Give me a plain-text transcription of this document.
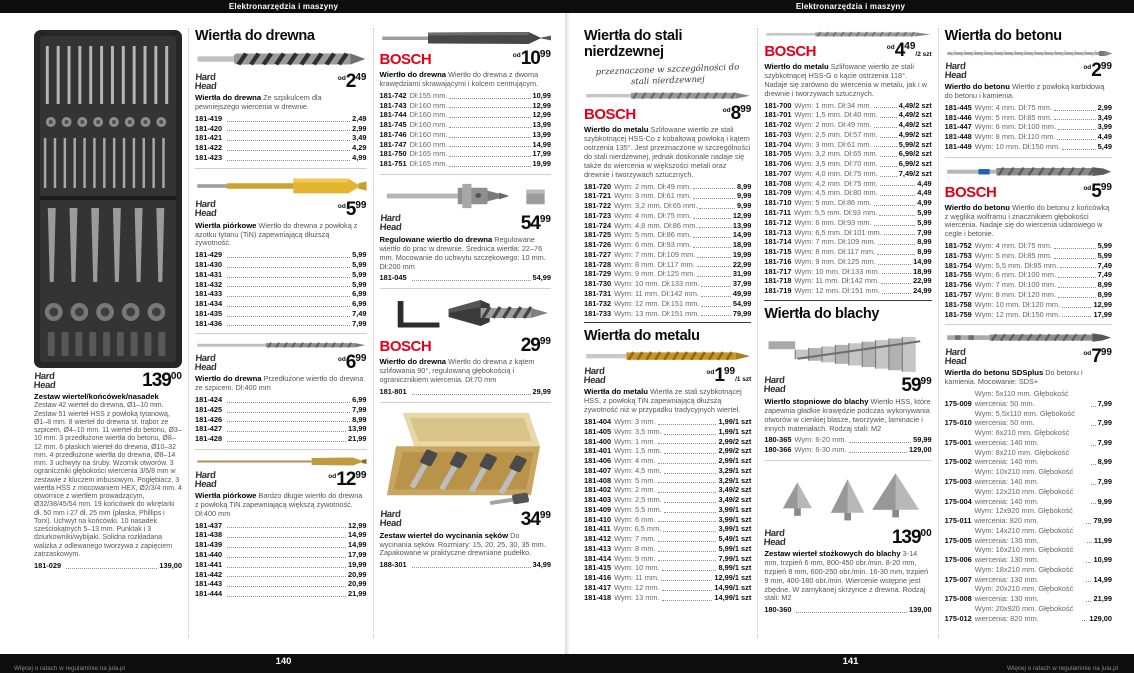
Elektronarzędzia i maszyny	Elektronarzędzia i maszyny
Hard
Head	$139^{00}$

Zestaw wierteł/końcówek/nasadek Zestaw 42 wierteł do drewna, Ø1–10 mm. Zestaw 51 wierteł HSS z powłoką tytanową, Ø1–8 mm. 8 wierteł do drewna st. trąbor ze szpicem, Ø4–10 mm. 11 wierteł do betonu, Ø3–10 mm. 3 przedłużone wiertła do betonu, Ø8–12 mm. 6 płaskich wierteł do drewna, Ø10–32 mm. 4 przedłużone wiertła do drewna, Ø8–14 mm. 3 uchwyty na śruby. Wzornik otworów. 3 ograniczniki głębokości wiercenia 3/5/8 mm w zestawie z kluczem imbusowym. Pogłębiacz. 3 wiertła HSS z mocowaniem HEX, Ø2/3/4 mm. 4 otwornice z wiertłem prowadzącym, Ø32/38/45/54 mm. 19 końcówek do wkrętarki dł. 50 mm i 27 dł. 25 mm (płaska, Phillips i Torx). Uchwyt na końcówki. 10 nasadek sześciokątnych 5–13 mm. Punktak i 3 dziurkowniki/wybijaki. Solidna rozkładana walizka z odlewanego tworzywa z zapięciem zatrzaskowym.

181-029	139,00
Wiertła do drewna
Hard
Head
$^{od}2^{49}$

Wiertła do drewna Ze szpikulcem dla pewniejszego wiercenia w drewnie.

181-419	2,49
181-420	2,99
181-421	3,49
181-422	4,29
181-423	4,99
Hard
Head
$^{od}5^{99}$

Wiertła piórkowe Wiertło do drewna z powłoką z azotku tytanu (TiN) zapewniającą dłuższą żywotność.

181-429	5,99
181-430	5,99
181-431	5,99
181-432	5,99
181-433	6,99
181-434	6,99
181-435	7,49
181-436	7,99
Hard
Head
$^{od}6^{99}$

Wiertło do drewna Przedłużone wiertło do drewna ze szpicem. Dł:400 mm

181-424	6,99
181-425	7,99
181-426	8,99
181-427	13,99
181-428	21,99
Hard
Head
$^{od}12^{99}$

Wiertła piórkowe Bardzo długie wiertło do drewna z powłoką TiN zapewniającą większą żywotność. Dł:400 mm

181-437	12,99
181-438	14,99
181-439	14,99
181-440	17,99
181-441	19,99
181-442	20,99
181-443	20,99
181-444	21,99
BOSCH	$^{od}10^{99}$

Wiertło do drewna Wiertło do drewna z dwoma krawędziami skrawającymi i kolcem centrującym.

181-742 Dł:155 mm.	10,99
181-743 Dł:160 mm.	12,99
181-744 Dł:160 mm.	12,99
181-745 Dł:160 mm.	13,99
181-746 Dł:160 mm.	13,99
181-747 Dł:160 mm.	14,99
181-750 Dł:165 mm.	17,99
181-751 Dł:165 mm.	19,99
Hard
Head	$54^{99}$

Regulowane wiertło do drewna Regulowane wiertło do prac w drewnie. Średnica wiertła: 22–76 mm. Mocowanie do uchwytu szczękowego: 10 mm. Dł:200 mm

181-045	54,99
BOSCH	$29^{99}$

Wiertło do drewna Wiertło do drewna z kątem szlifowania 90°, regulowaną głębokością i ogranicznikiem wiercenia. Dł:70 mm

181-801	29,99
Hard
Head	$34^{99}$

Zestaw wierteł do wycinania sęków Do wycinania sęków. Rozmiary: 15, 20, 25, 30, 35 mm. Zapakowane w praktyczne drewniane pudełko.

188-301	34,99
Wiertła do stali nierdzewnej
przeznaczone w szczególności do
stali nierdzewnej
BOSCH	$^{od}8^{99}$

Wiertło do metalu Szlifowane wiertło ze stali szybkotnącej HSS-Co z kobaltową powłoką i kątem ostrzenia 135°. Jest przeznaczone w szczególności do stali nierdzewnej, jednak doskonale nadaje się także do wiercenia w większości metali oraz drewnie i tworzywach sztucznych.

181-720 Wym: 2 mm. Dł:49 mm.	8,99
181-721 Wym: 3 mm. Dł:61 mm.	9,99
181-722 Wym: 3,2 mm. Dł:65 mm.	9,99
181-723 Wym: 4 mm. Dł:75 mm.	12,99
181-724 Wym: 4,8 mm. Dł:86 mm.	13,99
181-725 Wym: 5 mm. Dł:86 mm.	14,99
181-726 Wym: 6 mm. Dł:93 mm.	18,99
181-727 Wym: 7 mm. Dł:109 mm.	19,99
181-728 Wym: 8 mm. Dł:117 mm.	22,99
181-729 Wym: 9 mm. Dł:125 mm.	31,99
181-730 Wym: 10 mm. Dł:133 mm.	37,99
181-731 Wym: 11 mm. Dł:142 mm.	49,99
181-732 Wym: 12 mm. Dł:151 mm.	54,99
181-733 Wym: 13 mm. Dł:151 mm.	79,99
Wiertła do metalu
Hard
Head
$^{od}1^{99}/1$ szt

Wiertła do metalu Wiertła ze stali szybkotnącej HSS, z powłoką TiN zapewniającą dłuższą żywotność niż w przypadku tradycyjnych wierteł.

181-404 Wym: 3 mm.	1,99/1 szt
181-405 Wym: 3,5 mm.	1,99/1 szt
181-400 Wym: 1 mm.	2,99/2 szt
181-401 Wym: 1,5 mm.	2,99/2 szt
181-406 Wym: 4 mm.	2,99/1 szt
181-407 Wym: 4,5 mm.	3,29/1 szt
181-408 Wym: 5 mm.	3,29/1 szt
181-402 Wym: 2 mm.	3,49/2 szt
181-403 Wym: 2,5 mm.	3,49/2 szt
181-409 Wym: 5,5 mm.	3,99/1 szt
181-410 Wym: 6 mm.	3,99/1 szt
181-411 Wym: 6,5 mm.	3,99/1 szt
181-412 Wym: 7 mm.	5,49/1 szt
181-413 Wym: 8 mm.	5,99/1 szt
181-414 Wym: 9 mm.	7,99/1 szt
181-415 Wym: 10 mm.	8,99/1 szt
181-416 Wym: 11 mm.	12,99/1 szt
181-417 Wym: 12 mm.	14,99/1 szt
181-418 Wym: 13 mm.	14,99/1 szt
BOSCH	$^{od}4^{49}/2$ szt

Wiertło do metalu Szlifowane wiertło ze stali szybkotnącej HSS-G o kącie ostrzenia 118°. Nadaje się zarówno do wiercenia w metalu, jak i w drewnie i tworzywach sztucznych.

181-700 Wym: 1 mm. Dł:34 mm.	4,49/2 szt
181-701 Wym: 1,5 mm. Dł:40 mm.	4,49/2 szt
181-702 Wym: 2 mm. Dł:49 mm.	4,49/2 szt
181-703 Wym: 2,5 mm. Dł:57 mm.	4,99/2 szt
181-704 Wym: 3 mm. Dł:61 mm.	5,99/2 szt
181-705 Wym: 3,2 mm. Dł:65 mm.	6,99/2 szt
181-706 Wym: 3,5 mm. Dł:70 mm.	6,99/2 szt
181-707 Wym: 4,0 mm. Dł:75 mm.	7,49/2 szt
181-708 Wym: 4,2 mm. Dł:75 mm.	4,49
181-709 Wym: 4,5 mm. Dł:80 mm.	4,49
181-710 Wym: 5 mm. Dł:86 mm.	4,99
181-711 Wym: 5,5 mm. Dł:93 mm.	5,99
181-712 Wym: 6 mm. Dł:93 mm.	5,99
181-713 Wym: 6,5 mm. Dł:101 mm.	7,99
181-714 Wym: 7 mm. Dł:109 mm.	8,99
181-715 Wym: 8 mm. Dł:117 mm.	8,99
181-716 Wym: 9 mm. Dł:125 mm.	14,99
181-717 Wym: 10 mm. Dł:133 mm.	18,99
181-718 Wym: 11 mm. Dł:142 mm.	22,99
181-719 Wym: 12 mm. Dł:151 mm.	24,99
Wiertła do blachy
Hard
Head	$59^{99}$

Wiertło stopniowe do blachy Wiertło HSS, które zapewnia gładkie krawędzie podczas wykonywania otworów w cienkiej blasze, tworzywie, laminacie i innych materiałach. Rodzaj stali: M2

180-365 Wym: 6-20 mm.	59,99
180-366 Wym: 6-30 mm.	129,00
Hard
Head	$139^{00}$

Zestaw wierteł stożkowych do blachy 3-14 mm, trzpień 6 mm, 800-450 obr./min. 8-20 mm, trzpień 8 mm, 600-250 obr./min. 16-30 mm, trzpień 9 mm, 400-180 obr./min. Wiercenie wstępne jest zbędne. W zamykanej skrzynce z drewna. Rodzaj stali: M2

180-360	139,00
Wiertła do betonu
Hard
Head
$^{od}2^{99}$

Wiertło do betonu Wiertło z powłoką karbidową do betonu i kamienia.

181-445 Wym: 4 mm. Dł:75 mm.	2,99
181-446 Wym: 5 mm. Dł:85 mm.	3,49
181-447 Wym: 6 mm. Dł:100 mm.	3,99
181-448 Wym: 8 mm. Dł:110 mm.	4,49
181-449 Wym: 10 mm. Dł:150 mm.	5,49
BOSCH	$^{od}5^{99}$

Wiertło do betonu Wiertło do betonu z końcówką z węglika wolframu i znacznikiem głębokości wiercenia. Nadaje się do wiercenia udarowego w cegle i betonie.

181-752 Wym: 4 mm. Dł:75 mm.	5,99
181-753 Wym: 5 mm. Dł:85 mm.	5,99
181-754 Wym: 5,5 mm. Dł:85 mm.	7,49
181-755 Wym: 6 mm. Dł:100 mm.	7,49
181-756 Wym: 7 mm. Dł:100 mm.	8,99
181-757 Wym: 8 mm. Dł:120 mm.	8,99
181-758 Wym: 10 mm. Dł:120 mm.	12,99
181-759 Wym: 12 mm. Dł:150 mm.	17,99
Hard
Head
$^{od}7^{99}$

Wiertła do betonu SDSplus Do betonu i kamienia. Mocowanie: SDS+

175-009
Wym: 5x110 mm. Głębokość wiercenia: 50 mm.	7,99
175-010
Wym: 5,5x110 mm. Głębokość wiercenia: 50 mm.	7,99
175-001
Wym: 6x210 mm. Głębokość wiercenia: 140 mm.	7,99
175-002
Wym: 8x210 mm. Głębokość wiercenia: 140 mm.	8,99
175-003
Wym: 10x210 mm. Głębokość wiercenia: 140 mm.	7,99
175-004
Wym: 12x210 mm. Głębokość wiercenia: 140 mm.	9,99
175-011
Wym: 12x920 mm. Głębokość wiercenia: 820 mm.	79,99
175-005
Wym: 14x210 mm. Głębokość wiercenia: 130 mm.	11,99
175-006
Wym: 16x210 mm. Głębokość wiercenia: 130 mm.	10,99
175-007
Wym: 18x210 mm. Głębokość wiercenia: 130 mm.	14,99
175-008
Wym: 20x210 mm. Głębokość wiercenia: 130 mm.	21,99
175-012
Wym: 20x920 mm. Głębokość wiercenia: 820 mm.	129,00
Więcej o ratach w regulaminie na jula.pl
Więcej o ratach w regulaminie na jula.pl
140	141
